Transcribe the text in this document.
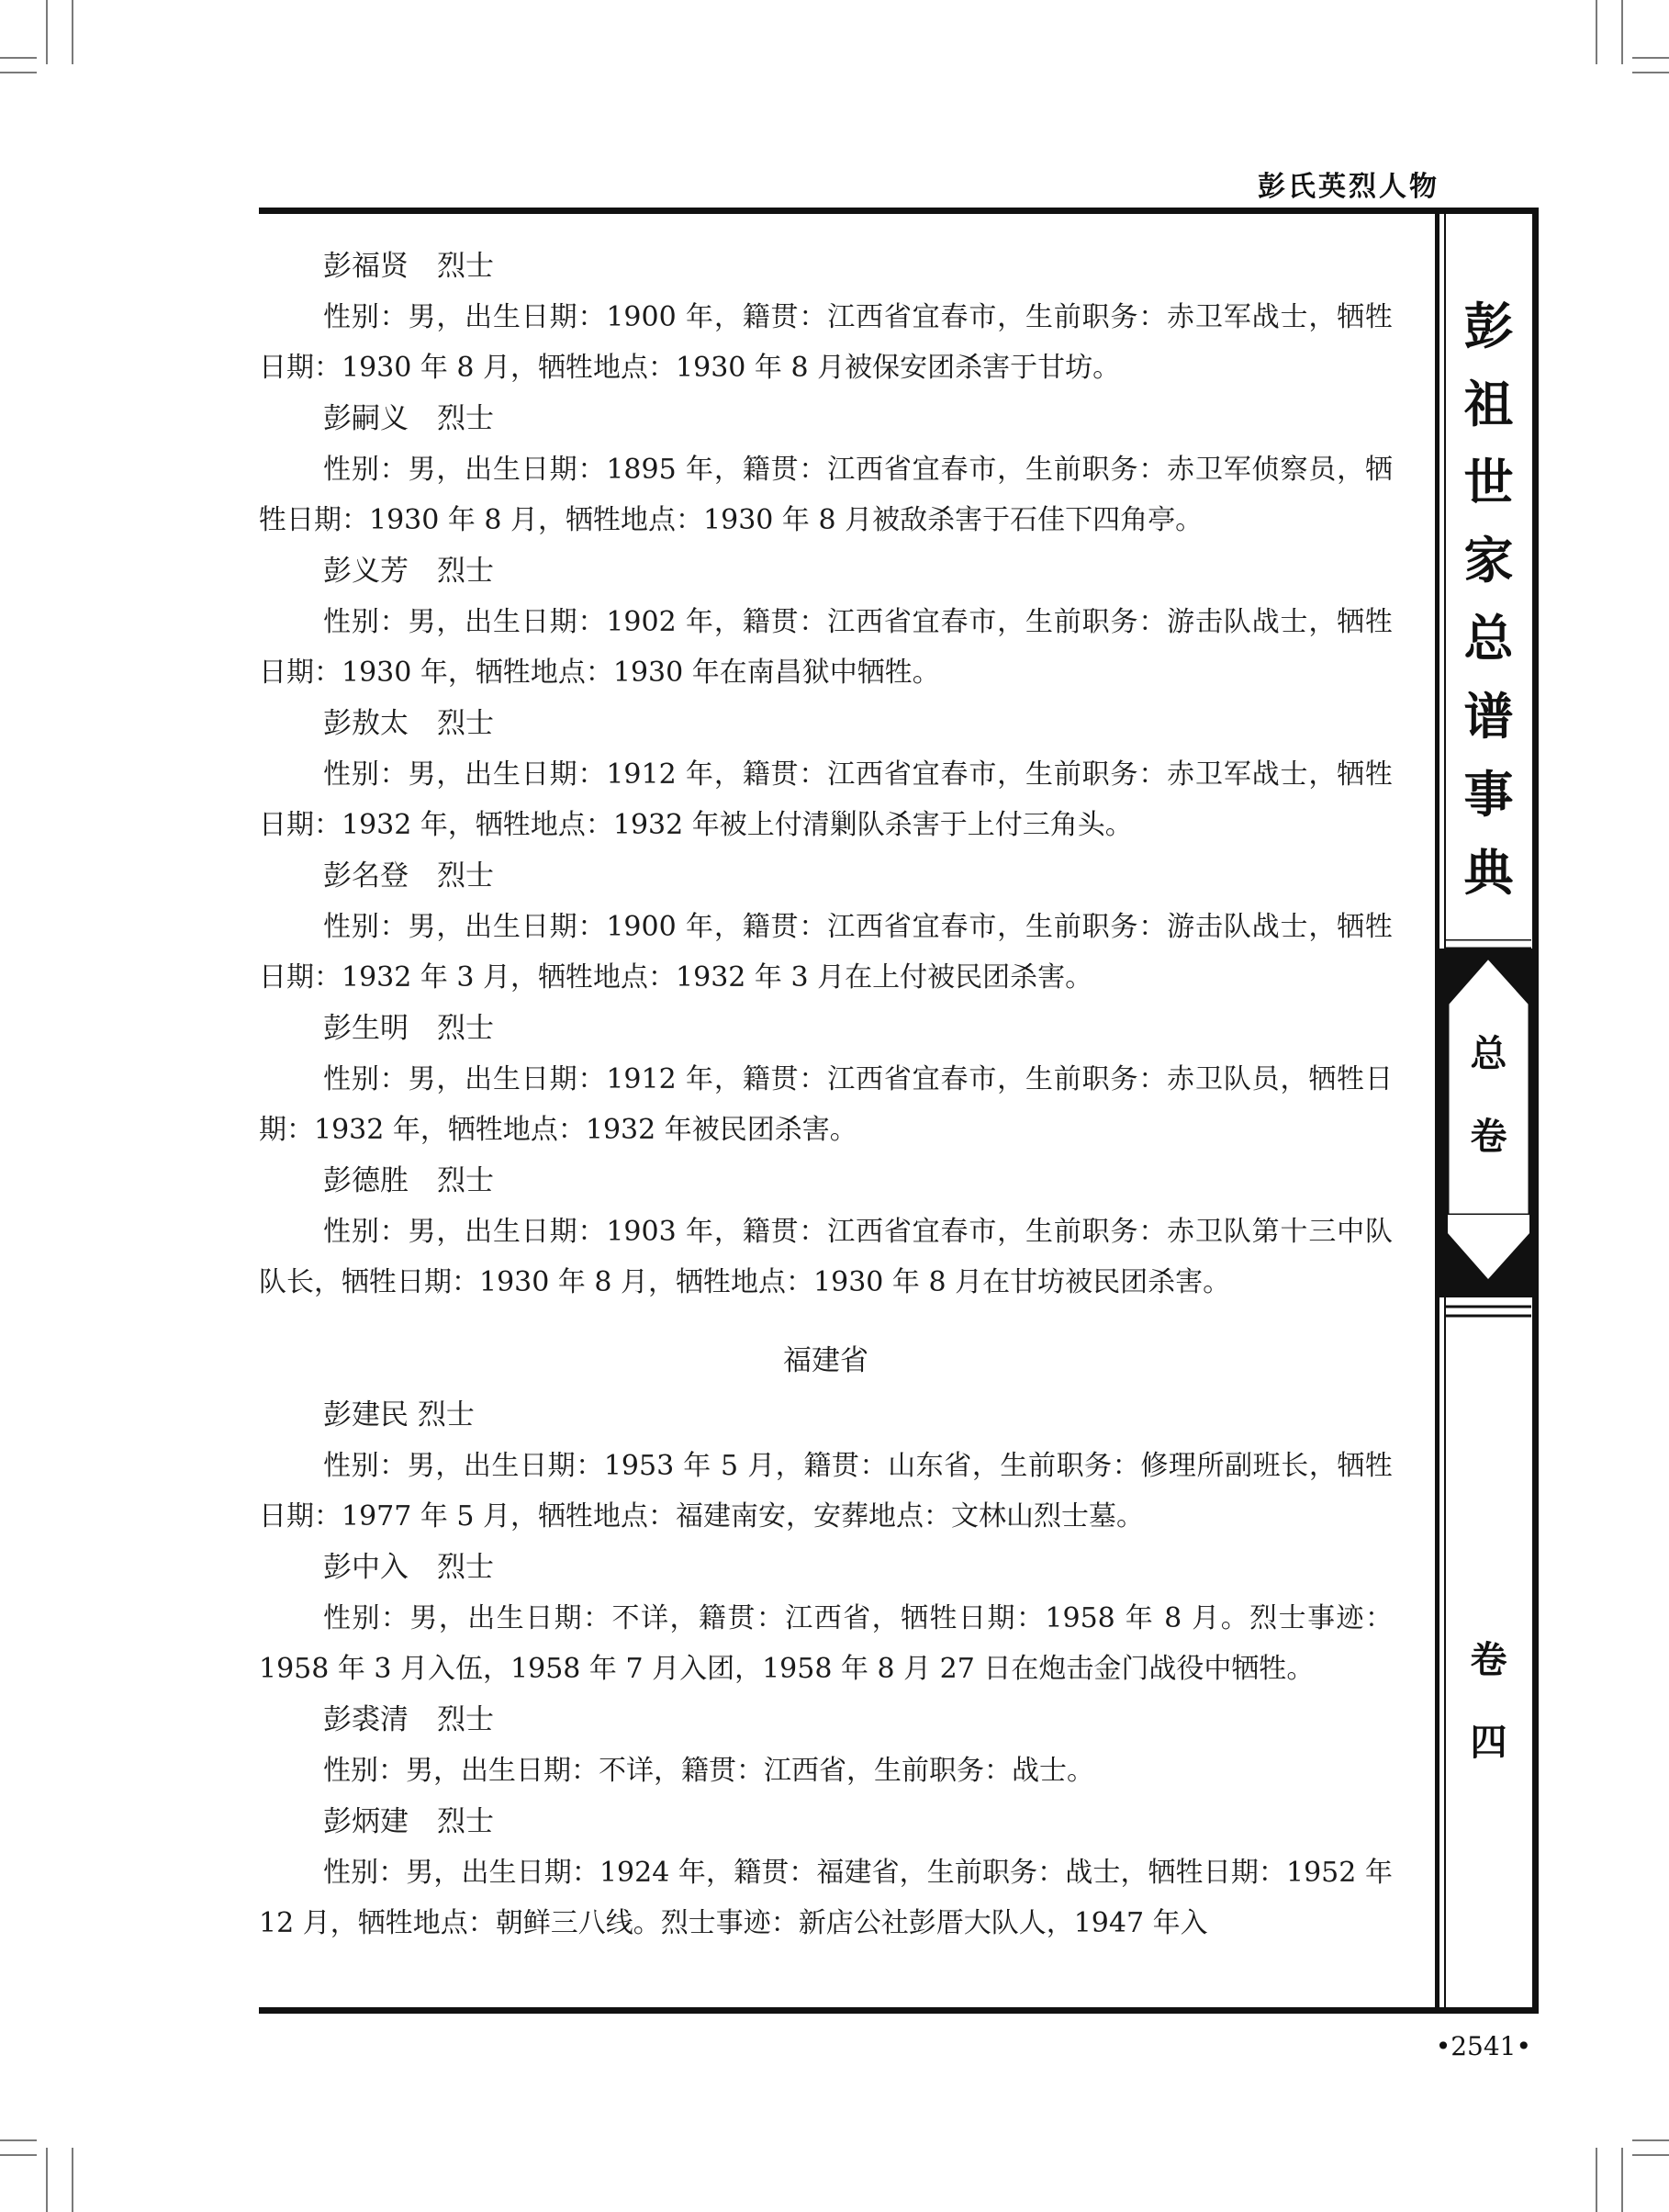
彭氏英烈人物
彭
祖
世
家
总
谱
事
典
总
卷
卷
四
彭福贤　烈士

性别：男，出生日期：1900 年，籍贯：江西省宜春市，生前职务：赤卫军战士，牺牲日期：1930 年 8 月，牺牲地点：1930 年 8 月被保安团杀害于甘坊。

彭嗣义　烈士

性别：男，出生日期：1895 年，籍贯：江西省宜春市，生前职务：赤卫军侦察员，牺牲日期：1930 年 8 月，牺牲地点：1930 年 8 月被敌杀害于石佳下四角亭。

彭义芳　烈士

性别：男，出生日期：1902 年，籍贯：江西省宜春市，生前职务：游击队战士，牺牲日期：1930 年，牺牲地点：1930 年在南昌狱中牺牲。

彭敖太　烈士

性别：男，出生日期：1912 年，籍贯：江西省宜春市，生前职务：赤卫军战士，牺牲日期：1932 年，牺牲地点：1932 年被上付清剿队杀害于上付三角头。

彭名登　烈士

性别：男，出生日期：1900 年，籍贯：江西省宜春市，生前职务：游击队战士，牺牲日期：1932 年 3 月，牺牲地点：1932 年 3 月在上付被民团杀害。

彭生明　烈士

性别：男，出生日期：1912 年，籍贯：江西省宜春市，生前职务：赤卫队员，牺牲日期：1932 年，牺牲地点：1932 年被民团杀害。

彭德胜　烈士

性别：男，出生日期：1903 年，籍贯：江西省宜春市，生前职务：赤卫队第十三中队队长，牺牲日期：1930 年 8 月，牺牲地点：1930 年 8 月在甘坊被民团杀害。

福建省
彭建民 烈士

性别：男，出生日期：1953 年 5 月，籍贯：山东省，生前职务：修理所副班长，牺牲日期：1977 年 5 月，牺牲地点：福建南安，安葬地点：文林山烈士墓。

彭中入　烈士

性别：男，出生日期：不详，籍贯：江西省，牺牲日期：1958 年 8 月。烈士事迹：1958 年 3 月入伍，1958 年 7 月入团，1958 年 8 月 27 日在炮击金门战役中牺牲。

彭裘清　烈士

性别：男，出生日期：不详，籍贯：江西省，生前职务：战士。

彭炳建　烈士

性别：男，出生日期：1924 年，籍贯：福建省，生前职务：战士，牺牲日期：1952 年 12 月，牺牲地点：朝鲜三八线。烈士事迹：新店公社彭厝大队人，1947 年入

•2541•
